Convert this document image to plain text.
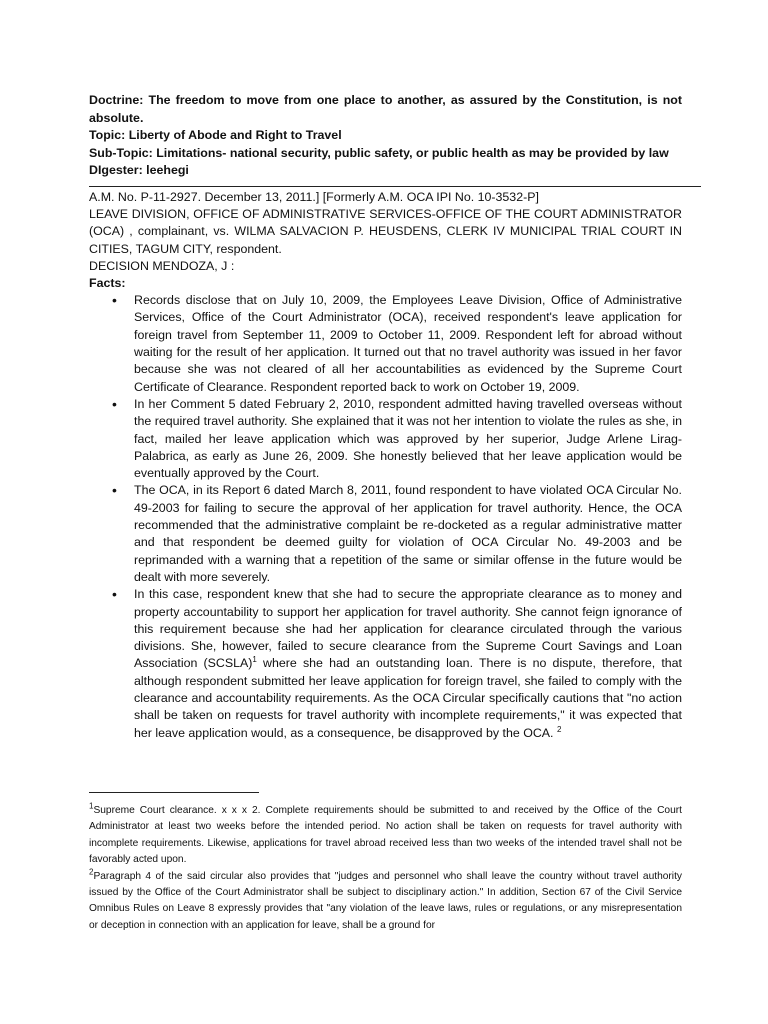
Doctrine: The freedom to move from one place to another, as assured by the Constitution, is not absolute.

Topic: Liberty of Abode and Right to Travel

Sub-Topic: Limitations- national security, public safety, or public health as may be provided by law

DIgester: leehegi

A.M. No. P-11-2927. December 13, 2011.] [Formerly A.M. OCA IPI No. 10-3532-P]

LEAVE DIVISION, OFFICE OF ADMINISTRATIVE SERVICES-OFFICE OF THE COURT ADMINISTRATOR (OCA) , complainant, vs. WILMA SALVACION P. HEUSDENS, CLERK IV MUNICIPAL TRIAL COURT IN CITIES, TAGUM CITY, respondent.

DECISION MENDOZA, J :

Facts:

• Records disclose that on July 10, 2009, the Employees Leave Division, Office of Administrative Services, Office of the Court Administrator (OCA), received respondent's leave application for foreign travel from September 11, 2009 to October 11, 2009. Respondent left for abroad without waiting for the result of her application. It turned out that no travel authority was issued in her favor because she was not cleared of all her accountabilities as evidenced by the Supreme Court Certificate of Clearance. Respondent reported back to work on October 19, 2009.
• In her Comment 5 dated February 2, 2010, respondent admitted having travelled overseas without the required travel authority. She explained that it was not her intention to violate the rules as she, in fact, mailed her leave application which was approved by her superior, Judge Arlene Lirag-Palabrica, as early as June 26, 2009. She honestly believed that her leave application would be eventually approved by the Court.
• The OCA, in its Report 6 dated March 8, 2011, found respondent to have violated OCA Circular No. 49-2003 for failing to secure the approval of her application for travel authority. Hence, the OCA recommended that the administrative complaint be re-docketed as a regular administrative matter and that respondent be deemed guilty for violation of OCA Circular No. 49-2003 and be reprimanded with a warning that a repetition of the same or similar offense in the future would be dealt with more severely.
• In this case, respondent knew that she had to secure the appropriate clearance as to money and property accountability to support her application for travel authority. She cannot feign ignorance of this requirement because she had her application for clearance circulated through the various divisions. She, however, failed to secure clearance from the Supreme Court Savings and Loan Association (SCSLA)$^1$ where she had an outstanding loan. There is no dispute, therefore, that although respondent submitted her leave application for foreign travel, she failed to comply with the clearance and accountability requirements. As the OCA Circular specifically cautions that "no action shall be taken on requests for travel authority with incomplete requirements," it was expected that her leave application would, as a consequence, be disapproved by the OCA. $^2$

$^1$Supreme Court clearance. x x x 2. Complete requirements should be submitted to and received by the Office of the Court Administrator at least two weeks before the intended period. No action shall be taken on requests for travel authority with incomplete requirements. Likewise, applications for travel abroad received less than two weeks of the intended travel shall not be favorably acted upon.

$^2$Paragraph 4 of the said circular also provides that "judges and personnel who shall leave the country without travel authority issued by the Office of the Court Administrator shall be subject to disciplinary action." In addition, Section 67 of the Civil Service Omnibus Rules on Leave 8 expressly provides that "any violation of the leave laws, rules or regulations, or any misrepresentation or deception in connection with an application for leave, shall be a ground for
